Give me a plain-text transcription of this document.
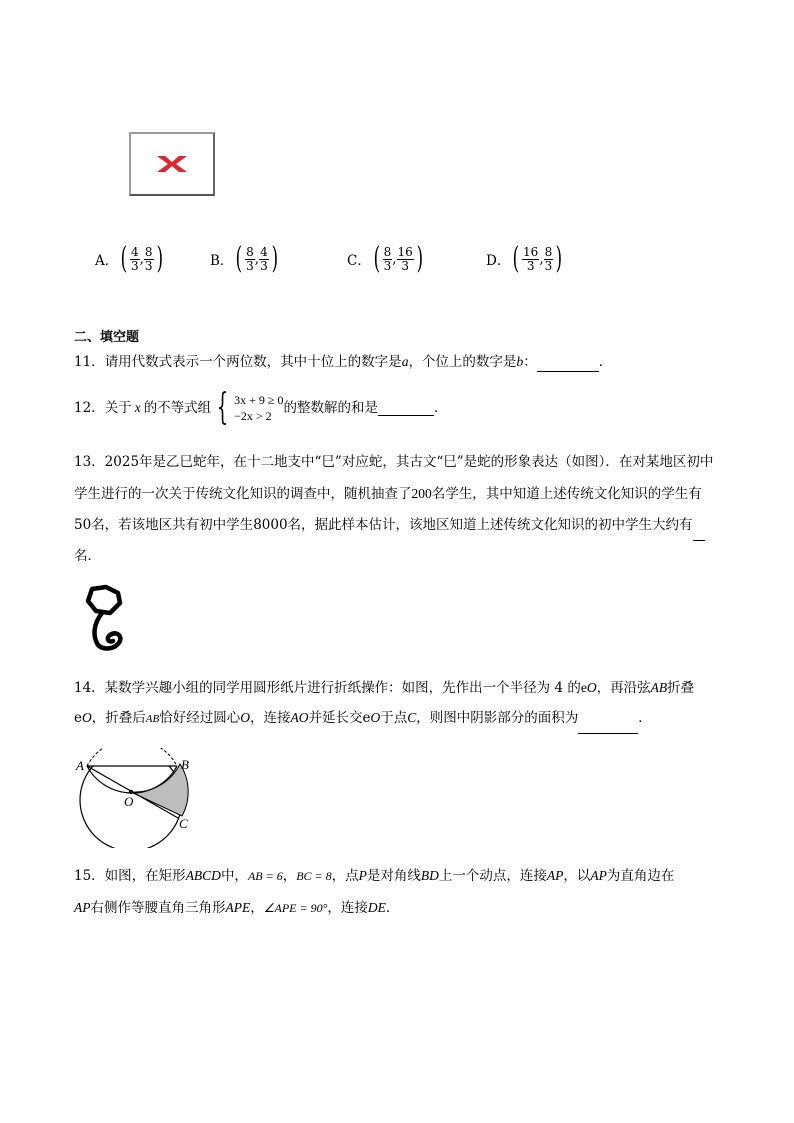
A． ( $\frac{4}{3}$ , $\frac{8}{3}$ )	B． ( $\frac{8}{3}$ , $\frac{4}{3}$ )	C． ( $\frac{8}{3}$ , $\frac{16}{3}$ )	D． ( $\frac{16}{3}$ , $\frac{8}{3}$ )
二、填空题
11．请用代数式表示一个两位数，其中十位上的数字是a，个位上的数字是b：	．
12． 关于 x 的不等式组 { 3x + 9 ≥ 0
−2x > 2 的整数解的和是	．
13．2025年是乙巳蛇年，在十二地支中“巳”对应蛇，其古文“巳”是蛇的形象表达（如图）．在对某地区初中
学生进行的一次关于传统文化知识的调查中，随机抽查了200名学生，其中知道上述传统文化知识的学生有
50名，若该地区共有初中学生8000名，据此样本估计，该地区知道上述传统文化知识的初中学生大约有
名．
14．某数学兴趣小组的同学用圆形纸片进行折纸操作：如图，先作出一个半径为 4 的eO，再沿弦AB折叠
eO，折叠后AB恰好经过圆心O，连接AO并延长交eO于点C，则图中阴影部分的面积为	．
A	B
O
C
15．如图，在矩形ABCD中，AB = 6，BC = 8，点P是对角线BD上一个动点，连接AP，以AP为直角边在
AP右侧作等腰直角三角形APE，∠APE = 90°，连接DE．
